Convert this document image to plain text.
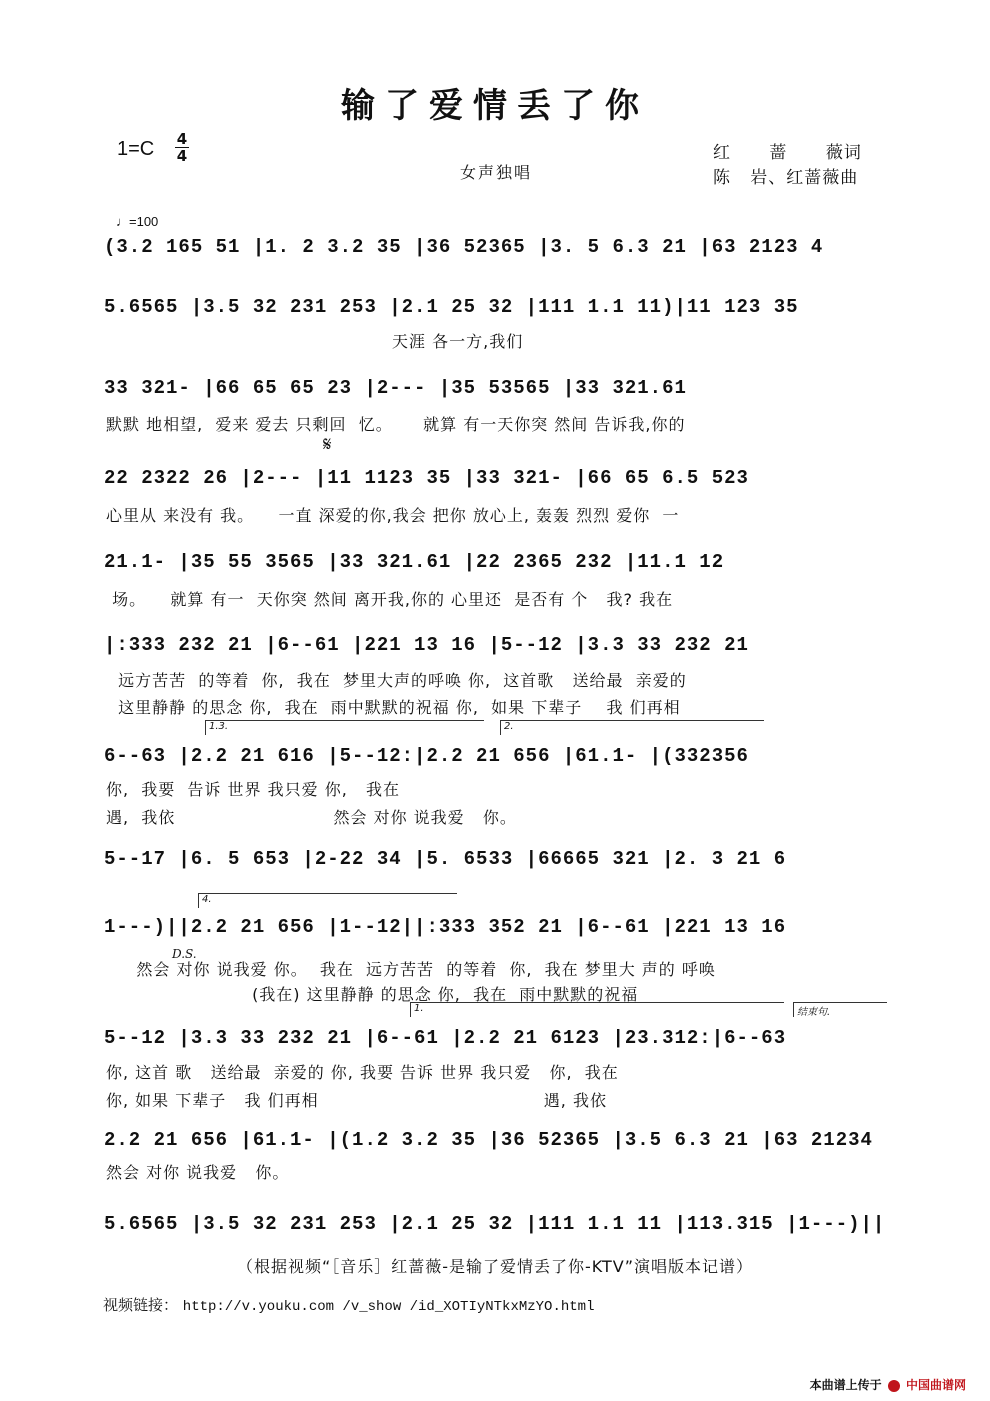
输了爱情丢了你
1=C 4
4
女声独唱
红      蔷      薇词
陈   岩、红蔷薇曲
♩=100
(3.2 165 51 |1. 2 3.2 35 |36 52365 |3. 5 6.3 21 |63 2123 4
5.6565 |3.5 32 231 253 |2.1 25 32 |111 1.1 11)|11 123 35
天涯 各一方,我们
33 321- |66 65 65 23 |2--- |35 53565 |33 321.61
默默 地相望,  爱来 爱去 只剩回  忆。     就算 有一天你突 然间 告诉我,你的
𝄋
22 2322 26 |2--- |11 1123 35 |33 321- |66 65 6.5 523
心里从 来没有 我。    一直 深爱的你,我会 把你 放心上, 轰轰 烈烈 爱你  一
21.1- |35 55 3565 |33 321.61 |22 2365 232 |11.1 12
场。    就算 有一  天你突 然间 离开我,你的 心里还  是否有 个   我? 我在
|:333 232 21 |6--61 |221 13 16 |5--12 |3.3 33 232 21
远方苦苦  的等着  你,  我在  梦里大声的呼唤 你,  这首歌   送给最  亲爱的
这里静静 的思念 你,  我在  雨中默默的祝福 你,  如果 下辈子    我 们再相
1.3.	2.
6--63 |2.2 21 616 |5--12:|2.2 21 656 |61.1- |(332356
你,  我要  告诉 世界 我只爱 你,   我在
遇,  我依                          然会 对你 说我爱   你。
5--17 |6. 5 653 |2-22 34 |5. 6533 |66665 321 |2. 3 21 6
4.
1---)||2.2 21 656 |1--12||:333 352 21 |6--61 |221 13 16
D.S.
然会 对你 说我爱 你。  我在  远方苦苦  的等着  你,  我在 梦里大 声的 呼唤
(我在) 这里静静 的思念 你,  我在  雨中默默的祝福
1.	结束句.
5--12 |3.3 33 232 21 |6--61 |2.2 21 6123 |23.312:|6--63
你, 这首 歌   送给最  亲爱的 你, 我要 告诉 世界 我只爱   你,  我在
你, 如果 下辈子   我 们再相                                     遇, 我依
2.2 21 656 |61.1- |(1.2 3.2 35 |36 52365 |3.5 6.3 21 |63 21234
然会 对你 说我爱   你。
5.6565 |3.5 32 231 253 |2.1 25 32 |111 1.1 11 |113.315 |1---)||
（根据视频“［音乐］红蔷薇-是输了爱情丢了你-KTV”演唱版本记谱）
视频链接： http://v.youku.com /v_show /id_XOTIyNTkxMzYO.html
本曲谱上传于 中国曲谱网
